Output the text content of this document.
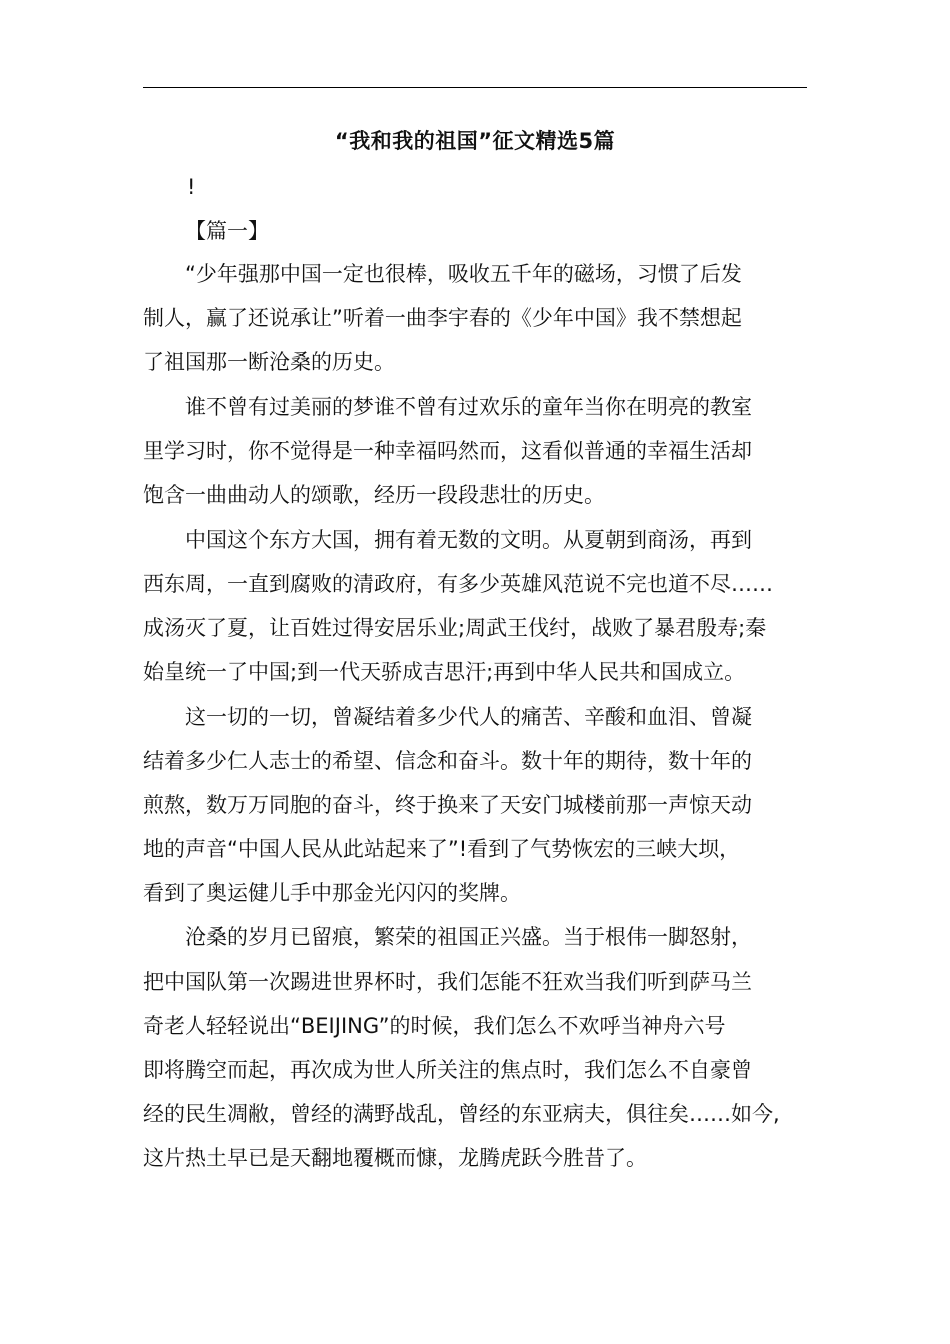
“我和我的祖国”征文精选5篇
!
【篇一】
“少年强那中国一定也很棒，吸收五千年的磁场，习惯了后发
制人，赢了还说承让”听着一曲李宇春的《少年中国》我不禁想起
了祖国那一断沧桑的历史。
谁不曾有过美丽的梦谁不曾有过欢乐的童年当你在明亮的教室
里学习时，你不觉得是一种幸福吗然而，这看似普通的幸福生活却
饱含一曲曲动人的颂歌，经历一段段悲壮的历史。
中国这个东方大国，拥有着无数的文明。从夏朝到商汤，再到
西东周，一直到腐败的清政府，有多少英雄风范说不完也道不尽……
成汤灭了夏，让百姓过得安居乐业;周武王伐纣，战败了暴君殷寿;秦
始皇统一了中国;到一代天骄成吉思汗;再到中华人民共和国成立。
这一切的一切，曾凝结着多少代人的痛苦、辛酸和血泪、曾凝
结着多少仁人志士的希望、信念和奋斗。数十年的期待，数十年的
煎熬，数万万同胞的奋斗，终于换来了天安门城楼前那一声惊天动
地的声音“中国人民从此站起来了”!看到了气势恢宏的三峡大坝，
看到了奥运健儿手中那金光闪闪的奖牌。
沧桑的岁月已留痕，繁荣的祖国正兴盛。当于根伟一脚怒射，
把中国队第一次踢进世界杯时，我们怎能不狂欢当我们听到萨马兰
奇老人轻轻说出“BEIJING”的时候，我们怎么不欢呼当神舟六号
即将腾空而起，再次成为世人所关注的焦点时，我们怎么不自豪曾
经的民生凋敝，曾经的满野战乱，曾经的东亚病夫，俱往矣……如今,
这片热土早已是天翻地覆概而慷，龙腾虎跃今胜昔了。
